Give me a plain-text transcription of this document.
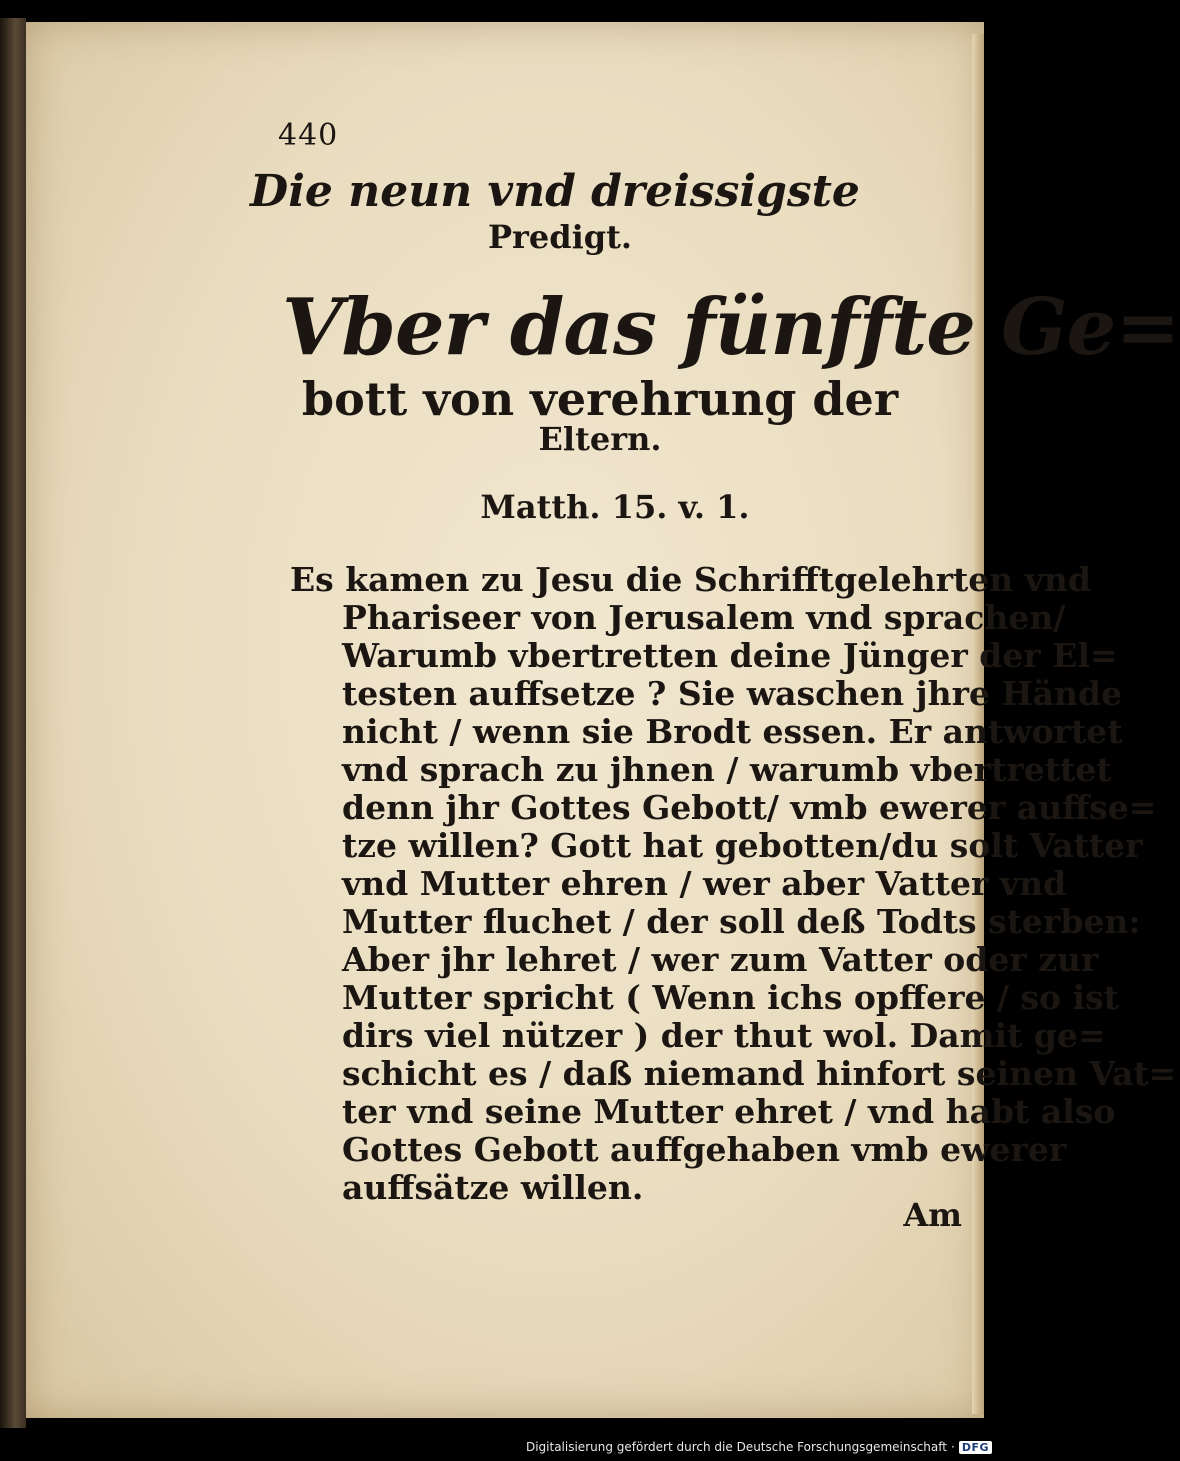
440
Die neun vnd dreissigste
Predigt.
Vber das fünffte Ge=
bott von verehrung der
Eltern.
Matth. 15. v. 1.
Es kamen zu Jesu die Schrifftgelehrten vnd
Phariseer von Jerusalem vnd sprachen/
Warumb vbertretten deine Jünger der El=
testen auffsetze ? Sie waschen jhre Hände
nicht / wenn sie Brodt essen. Er antwortet
vnd sprach zu jhnen / warumb vbertrettet
denn jhr Gottes Gebott/ vmb ewerer auffse=
tze willen? Gott hat gebotten/du solt Vatter
vnd Mutter ehren / wer aber Vatter vnd
Mutter fluchet / der soll deß Todts sterben:
Aber jhr lehret / wer zum Vatter oder zur
Mutter spricht ( Wenn ichs opffere / so ist
dirs viel nützer ) der thut wol. Damit ge=
schicht es / daß niemand hinfort seinen Vat=
ter vnd seine Mutter ehret / vnd habt also
Gottes Gebott auffgehaben vmb ewerer
auffsätze willen.
Am
Digitalisierung gefördert durch die Deutsche Forschungsgemeinschaft · DFG
